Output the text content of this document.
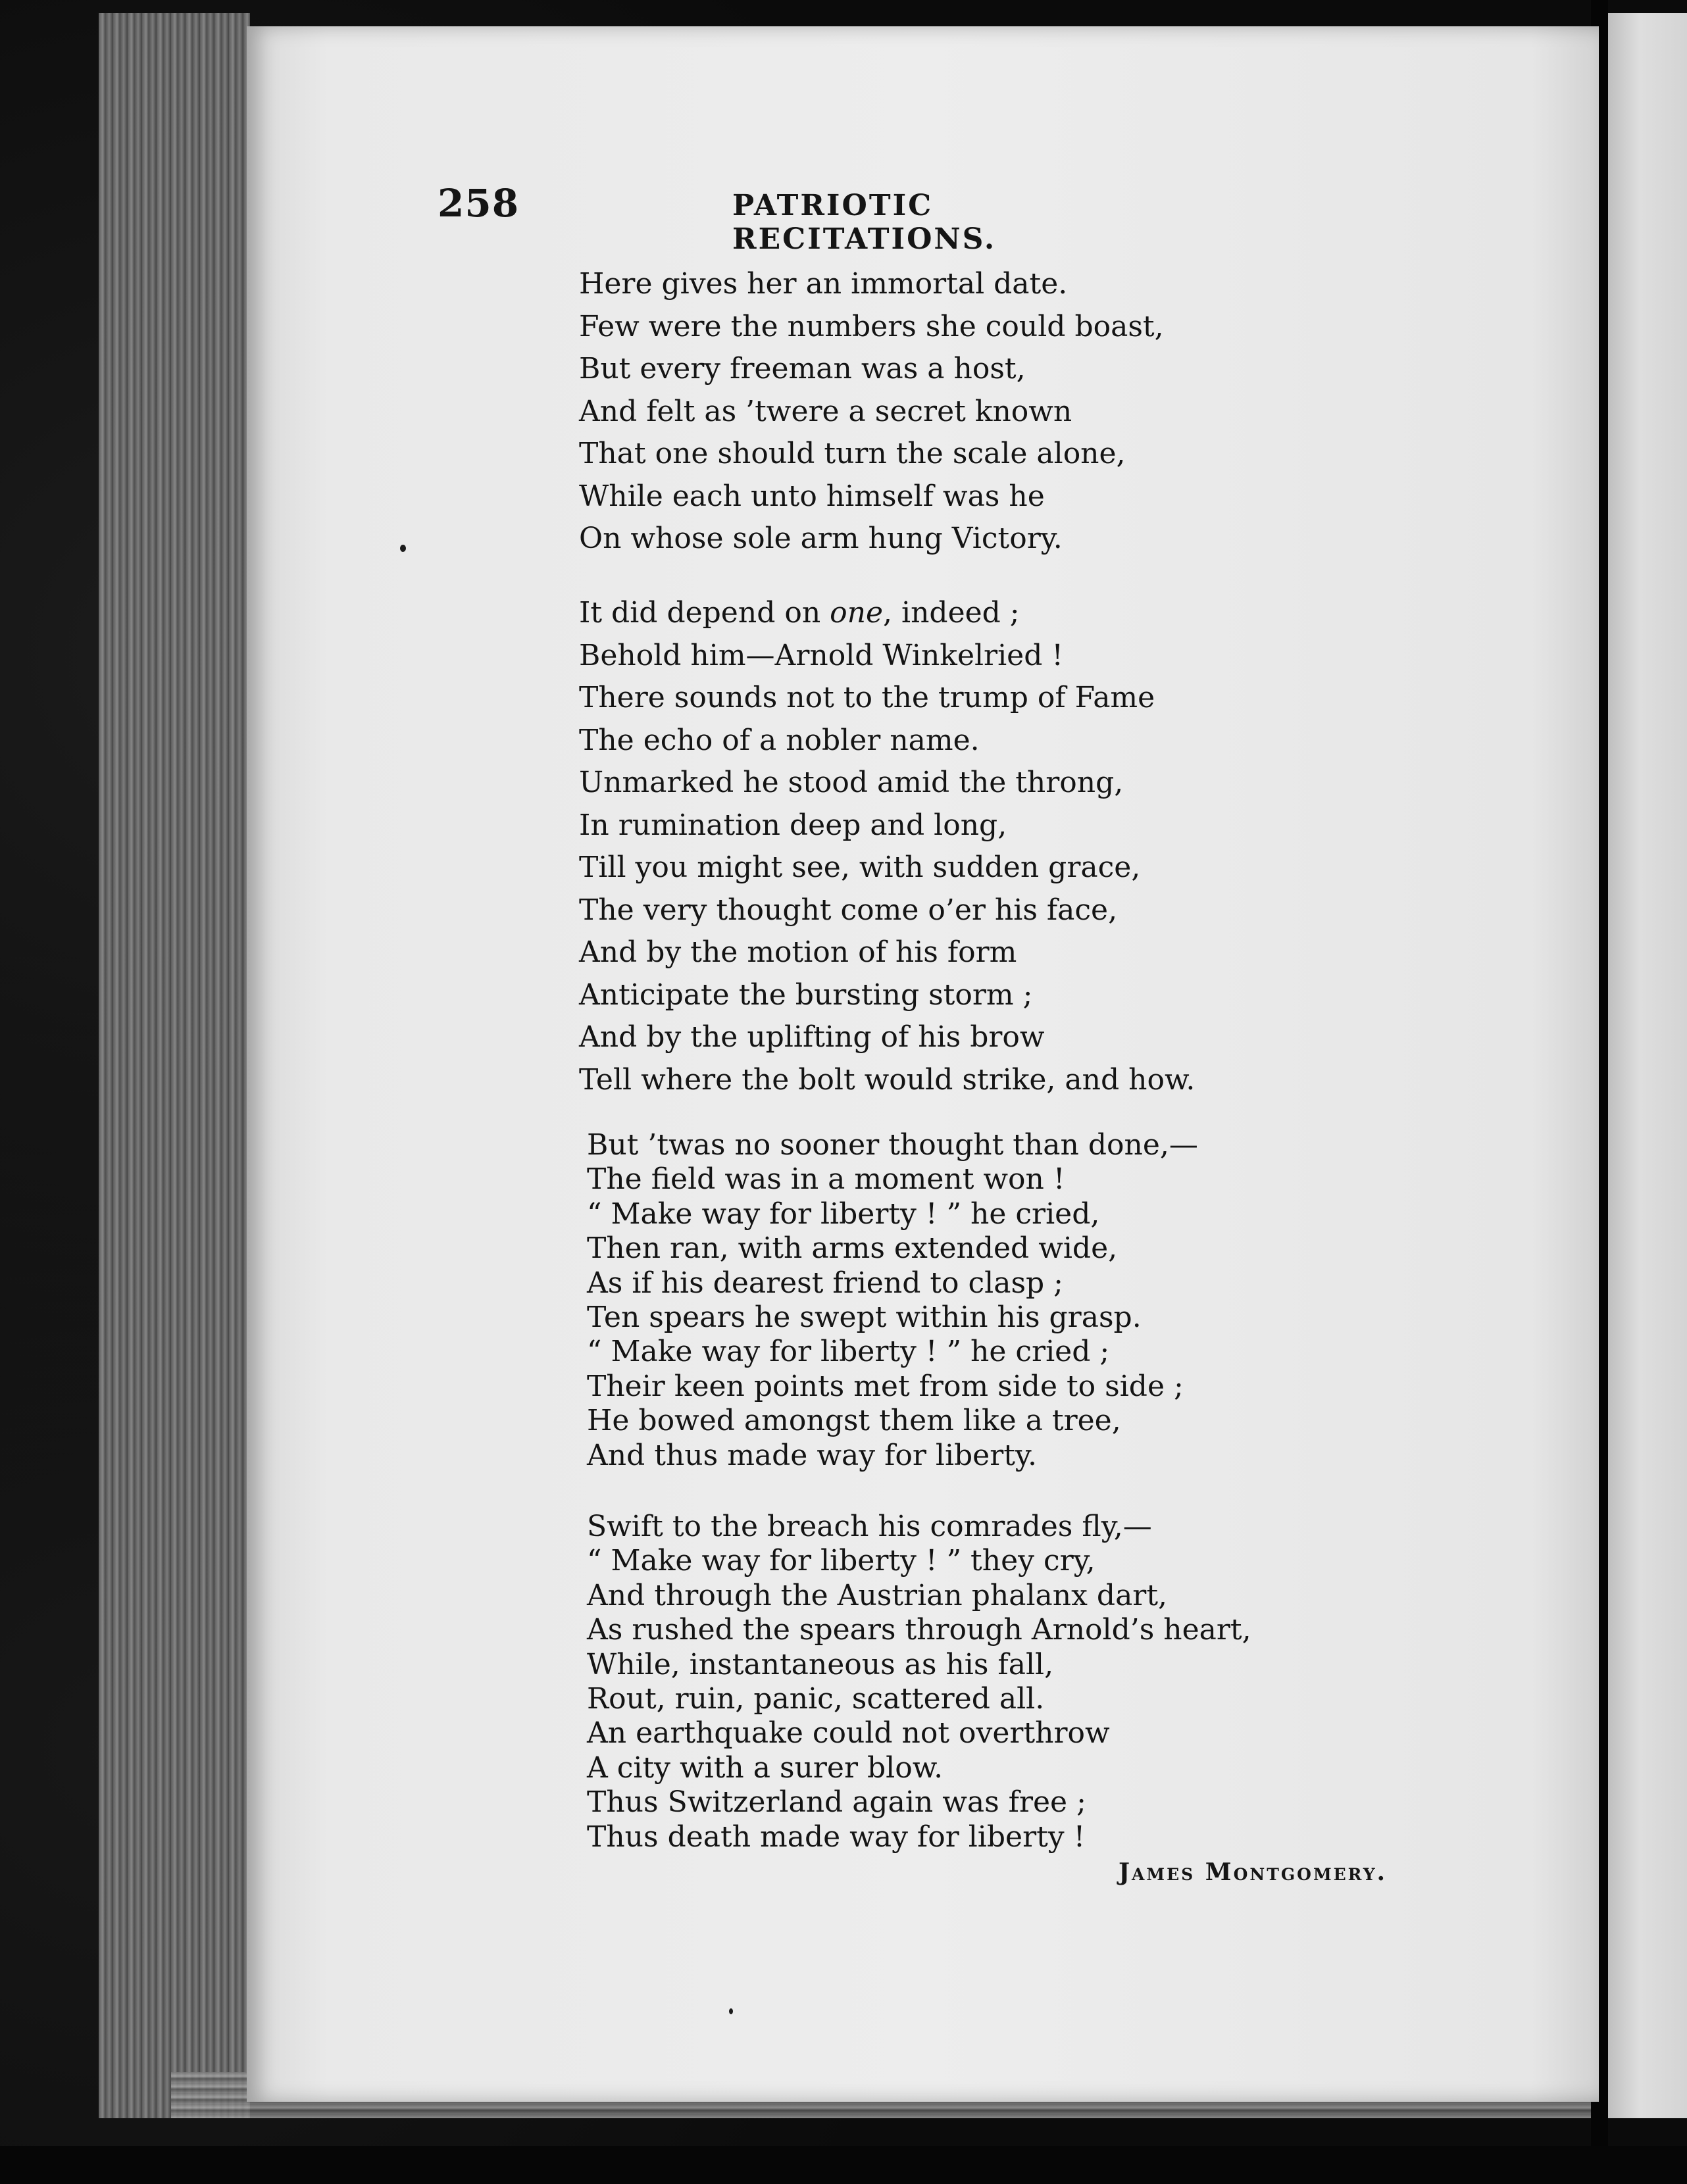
258	PATRIOTIC RECITATIONS.
Here gives her an immortal date.
Few were the numbers she could boast,
But every freeman was a host,
And felt as ’twere a secret known
That one should turn the scale alone,
While each unto himself was he
On whose sole arm hung Victory.
It did depend on one, indeed ;
Behold him—Arnold Winkelried !
There sounds not to the trump of Fame
The echo of a nobler name.
Unmarked he stood amid the throng,
In rumination deep and long,
Till you might see, with sudden grace,
The very thought come o’er his face,
And by the motion of his form
Anticipate the bursting storm ;
And by the uplifting of his brow
Tell where the bolt would strike, and how.
But ’twas no sooner thought than done,—
The field was in a moment won !
“ Make way for liberty ! ” he cried,
Then ran, with arms extended wide,
As if his dearest friend to clasp ;
Ten spears he swept within his grasp.
“ Make way for liberty ! ” he cried ;
Their keen points met from side to side ;
He bowed amongst them like a tree,
And thus made way for liberty.
Swift to the breach his comrades fly,—
“ Make way for liberty ! ” they cry,
And through the Austrian phalanx dart,
As rushed the spears through Arnold’s heart,
While, instantaneous as his fall,
Rout, ruin, panic, scattered all.
An earthquake could not overthrow
A city with a surer blow.
Thus Switzerland again was free ;
Thus death made way for liberty !
James Montgomery.
